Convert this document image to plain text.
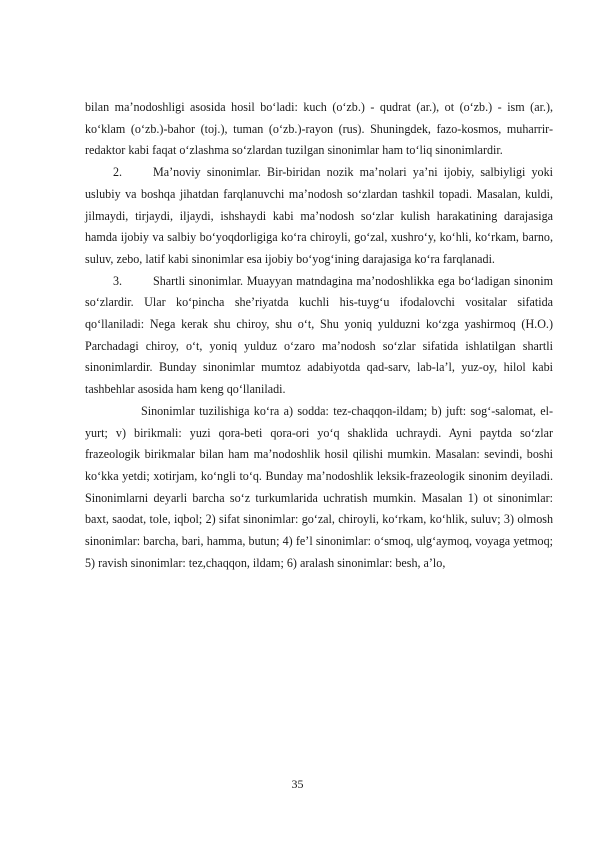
bilan ma’nodoshligi asosida hosil bo‘ladi: kuch (o‘zb.) - qudrat (ar.), ot (o‘zb.) - ism (ar.), ko‘klam (o‘zb.)-bahor (toj.), tuman (o‘zb.)-rayon (rus). Shuningdek, fazo-kosmos, muharrir-redaktor kabi faqat o‘zlashma so‘zlardan tuzilgan sinonimlar ham to‘liq sinonimlardir.

2.	Ma’noviy sinonimlar. Bir-biridan nozik ma’nolari ya’ni ijobiy, salbiyligi yoki uslubiy va boshqa jihatdan farqlanuvchi ma’nodosh so‘zlardan tashkil topadi. Masalan, kuldi, jilmaydi, tirjaydi, iljaydi, ishshaydi kabi ma’nodosh so‘zlar kulish harakatining darajasiga hamda ijobiy va salbiy bo‘yoqdorligiga ko‘ra chiroyli, go‘zal, xushro‘y, ko‘hli, ko‘rkam, barno, suluv, zebo, latif kabi sinonimlar esa ijobiy bo‘yog‘ining darajasiga ko‘ra farqlanadi.

3.	Shartli sinonimlar. Muayyan matndagina ma’nodoshlikka ega bo‘ladigan sinonim so‘zlardir. Ular ko‘pincha she’riyatda kuchli his-tuyg‘u ifodalovchi vositalar sifatida qo‘llaniladi: Nega kerak shu chiroy, shu o‘t, Shu yoniq yulduzni ko‘zga yashirmoq (H.O.) Parchadagi chiroy, o‘t, yoniq yulduz o‘zaro ma’nodosh so‘zlar sifatida ishlatilgan shartli sinonimlardir. Bunday sinonimlar mumtoz adabiyotda qad-sarv, lab-la’l, yuz-oy, hilol kabi tashbehlar asosida ham keng qo‘llaniladi.

Sinonimlar tuzilishiga ko‘ra a) sodda: tez-chaqqon-ildam; b) juft: sog‘-salomat, el-yurt; v) birikmali: yuzi qora-beti qora-ori yo‘q shaklida uchraydi. Ayni paytda so‘zlar frazeologik birikmalar bilan ham ma’nodoshlik hosil qilishi mumkin. Masalan: sevindi, boshi ko‘kka yetdi; xotirjam, ko‘ngli to‘q. Bunday ma’nodoshlik leksik-frazeologik sinonim deyiladi. Sinonimlarni deyarli barcha so‘z turkumlarida uchratish mumkin. Masalan 1) ot sinonimlar: baxt, saodat, tole, iqbol; 2) sifat sinonimlar: go‘zal, chiroyli, ko‘rkam, ko‘hlik, suluv; 3) olmosh sinonimlar: barcha, bari, hamma, butun; 4) fe’l sinonimlar: o‘smoq, ulg‘aymoq, voyaga yetmoq; 5) ravish sinonimlar: tez,chaqqon, ildam; 6) aralash sinonimlar: besh, a’lo,

35
